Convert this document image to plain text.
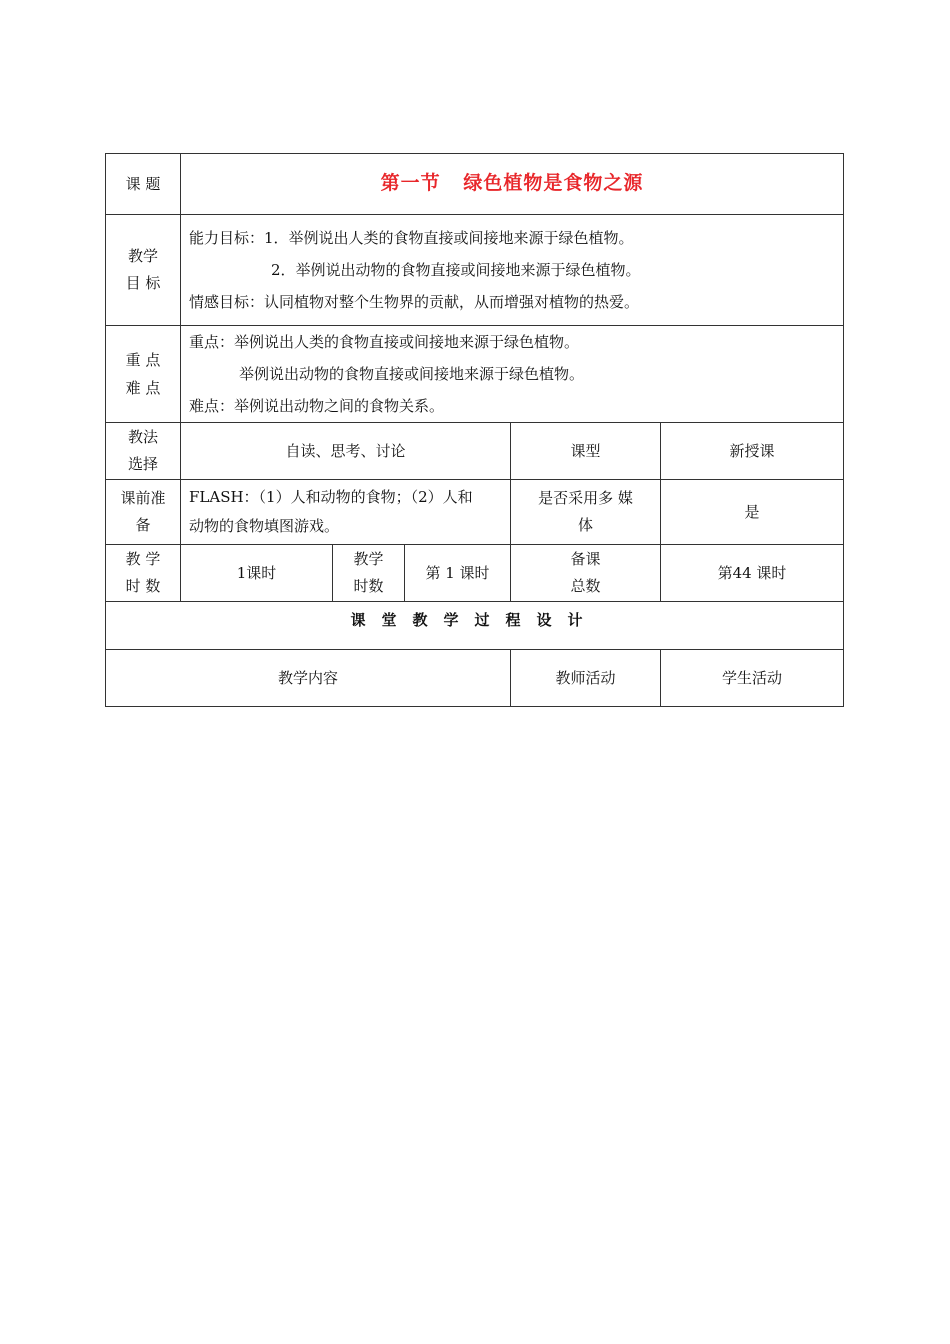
课 题	第一节   绿色植物是食物之源				

教学
目 标	能力目标：1．举例说出人类的食物直接或间接地来源于绿色植物。
2．举例说出动物的食物直接或间接地来源于绿色植物。
情感目标：认同植物对整个生物界的贡献，从而增强对植物的热爱。				

重 点
难 点	重点：举例说出人类的食物直接或间接地来源于绿色植物。
举例说出动物的食物直接或间接地来源于绿色植物。
难点：举例说出动物之间的食物关系。				

教法
选择	自读、思考、讨论			课型	新授课

课前准
备	FLASH：（1）人和动物的食物；（2）人和
动物的食物填图游戏。			是否采用多 媒
体	是

教 学
时 数	1课时	教学
时数	第 1 课时	备课
总数	第44 课时
课堂教学过程设计					
教学内容				教师活动	学生活动
